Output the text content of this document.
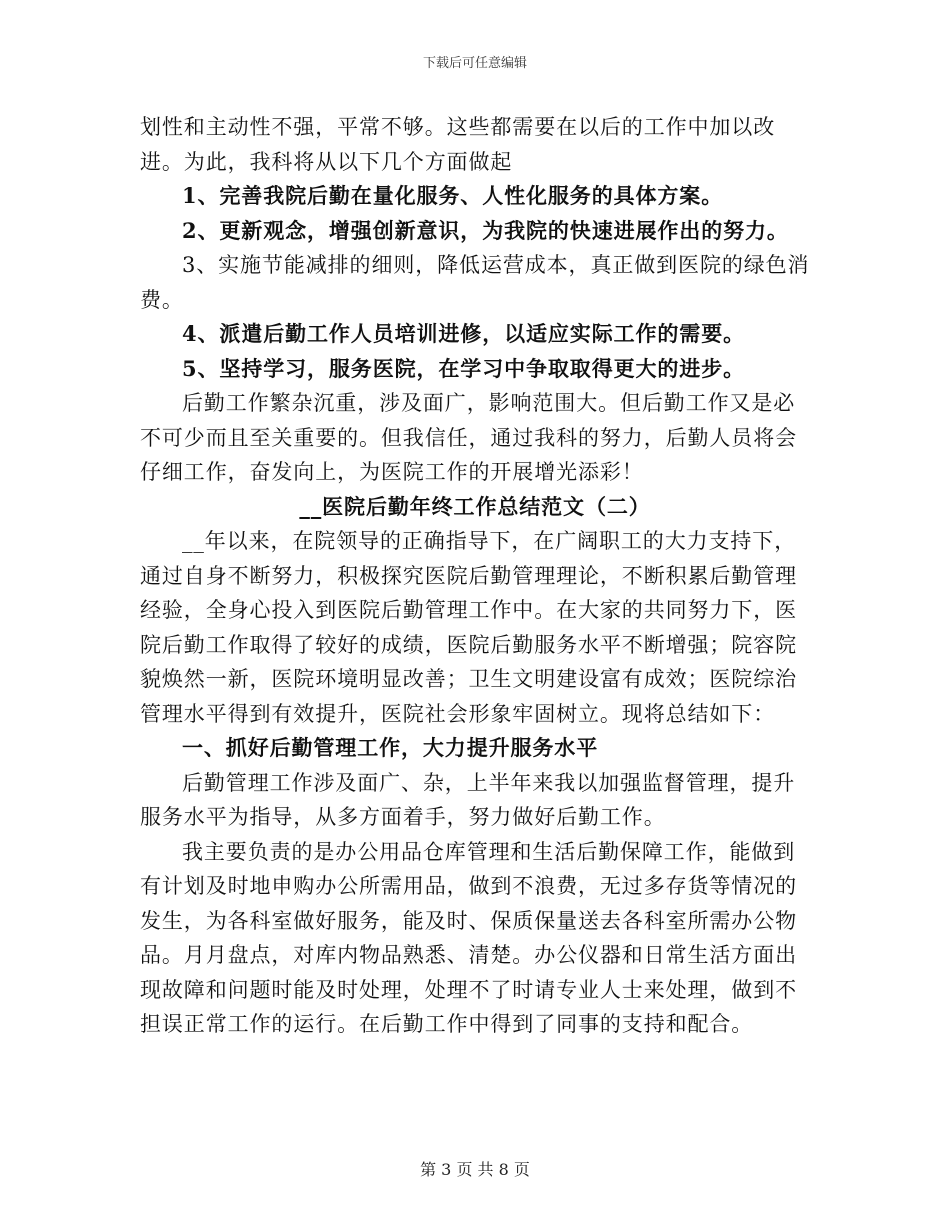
下载后可任意编辑

划性和主动性不强，平常不够。这些都需要在以后的工作中加以改进。为此，我科将从以下几个方面做起

1、完善我院后勤在量化服务、人性化服务的具体方案。

2、更新观念，增强创新意识，为我院的快速进展作出的努力。

3、实施节能减排的细则，降低运营成本，真正做到医院的绿色消费。

4、派遣后勤工作人员培训进修，以适应实际工作的需要。

5、坚持学习，服务医院，在学习中争取取得更大的进步。

后勤工作繁杂沉重，涉及面广，影响范围大。但后勤工作又是必不可少而且至关重要的。但我信任，通过我科的努力，后勤人员将会仔细工作，奋发向上，为医院工作的开展增光添彩！

__医院后勤年终工作总结范文（二）

__年以来，在院领导的正确指导下，在广阔职工的大力支持下，通过自身不断努力，积极探究医院后勤管理理论，不断积累后勤管理经验，全身心投入到医院后勤管理工作中。在大家的共同努力下，医院后勤工作取得了较好的成绩，医院后勤服务水平不断增强；院容院貌焕然一新，医院环境明显改善；卫生文明建设富有成效；医院综治管理水平得到有效提升，医院社会形象牢固树立。现将总结如下：

一、抓好后勤管理工作，大力提升服务水平

后勤管理工作涉及面广、杂，上半年来我以加强监督管理，提升服务水平为指导，从多方面着手，努力做好后勤工作。

我主要负责的是办公用品仓库管理和生活后勤保障工作，能做到有计划及时地申购办公所需用品，做到不浪费，无过多存货等情况的发生，为各科室做好服务，能及时、保质保量送去各科室所需办公物品。月月盘点，对库内物品熟悉、清楚。办公仪器和日常生活方面出现故障和问题时能及时处理，处理不了时请专业人士来处理，做到不担误正常工作的运行。在后勤工作中得到了同事的支持和配合。

第 3 页 共 8 页
